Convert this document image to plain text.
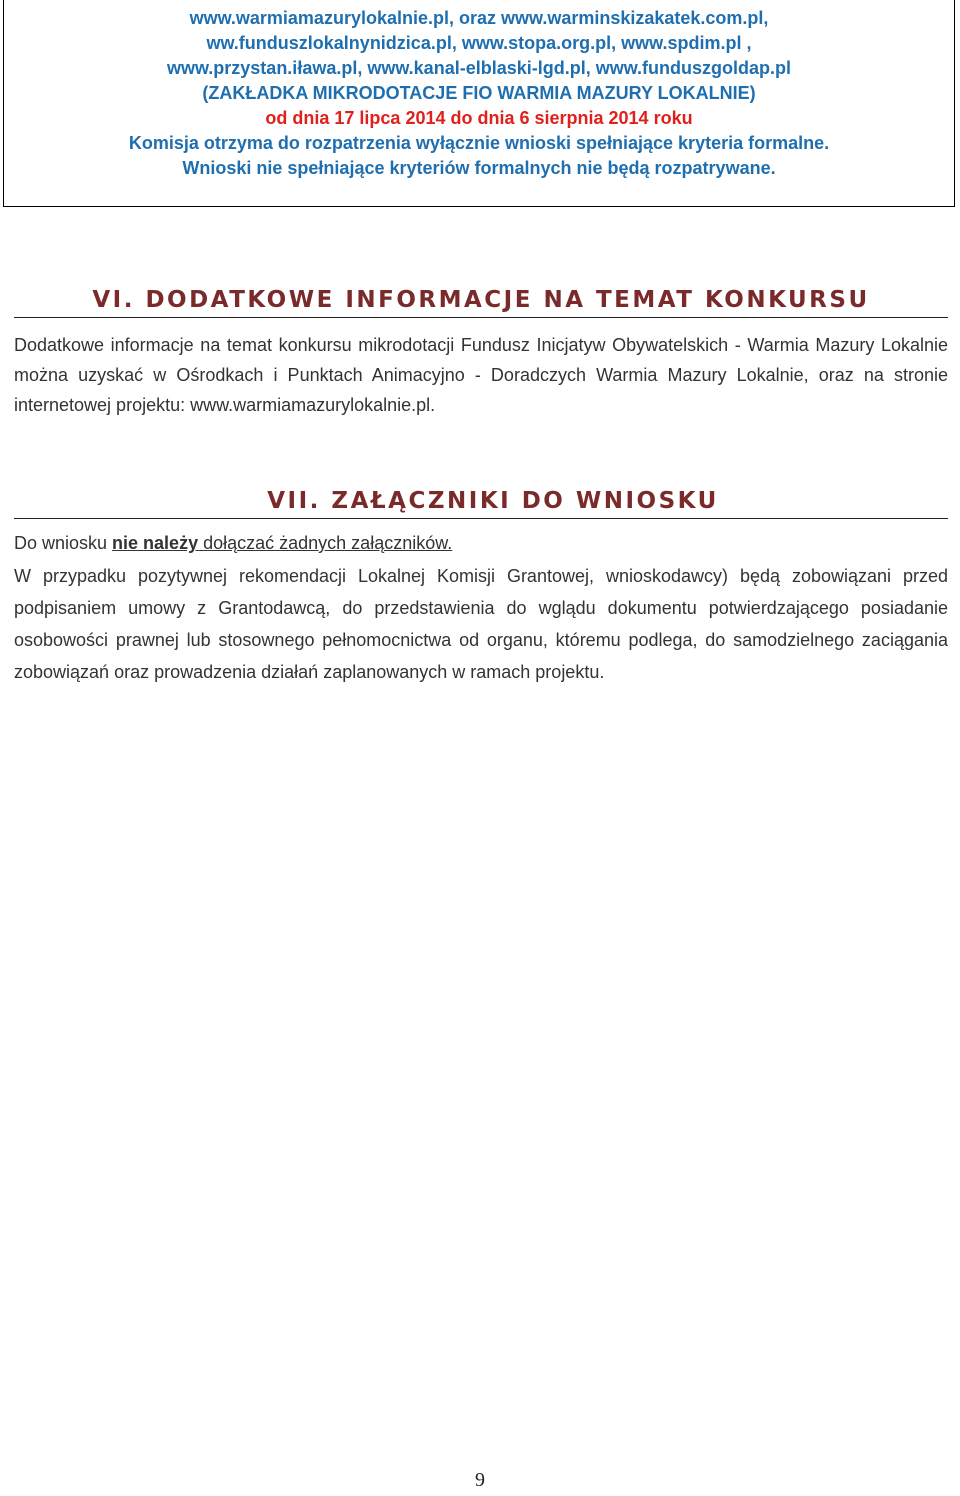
www.warmiamazurylokalnie.pl, oraz www.warminskizakatek.com.pl,
ww.funduszlokalnynidzica.pl, www.stopa.org.pl, www.spdim.pl ,
www.przystan.iława.pl, www.kanal-elblaski-lgd.pl, www.funduszgoldap.pl
(ZAKŁADKA MIKRODOTACJE FIO WARMIA MAZURY LOKALNIE)
od dnia 17 lipca 2014 do dnia 6 sierpnia 2014 roku
Komisja otrzyma do rozpatrzenia wyłącznie wnioski spełniające kryteria formalne.
Wnioski nie spełniające kryteriów formalnych nie będą rozpatrywane.
VI. DODATKOWE INFORMACJE NA TEMAT KONKURSU
Dodatkowe informacje na temat konkursu mikrodotacji Fundusz Inicjatyw Obywatelskich - Warmia Mazury Lokalnie można uzyskać w Ośrodkach i Punktach Animacyjno - Doradczych Warmia Mazury Lokalnie, oraz na stronie internetowej projektu: www.warmiamazurylokalnie.pl.
VII. ZAŁĄCZNIKI DO WNIOSKU
Do wniosku nie należy dołączać żadnych załączników.
W przypadku pozytywnej rekomendacji Lokalnej Komisji Grantowej, wnioskodawcy) będą zobowiązani przed podpisaniem umowy z Grantodawcą, do przedstawienia do wglądu dokumentu potwierdzającego posiadanie osobowości prawnej lub stosownego pełnomocnictwa od organu, któremu podlega, do samodzielnego zaciągania zobowiązań oraz prowadzenia działań zaplanowanych w ramach projektu.
9
